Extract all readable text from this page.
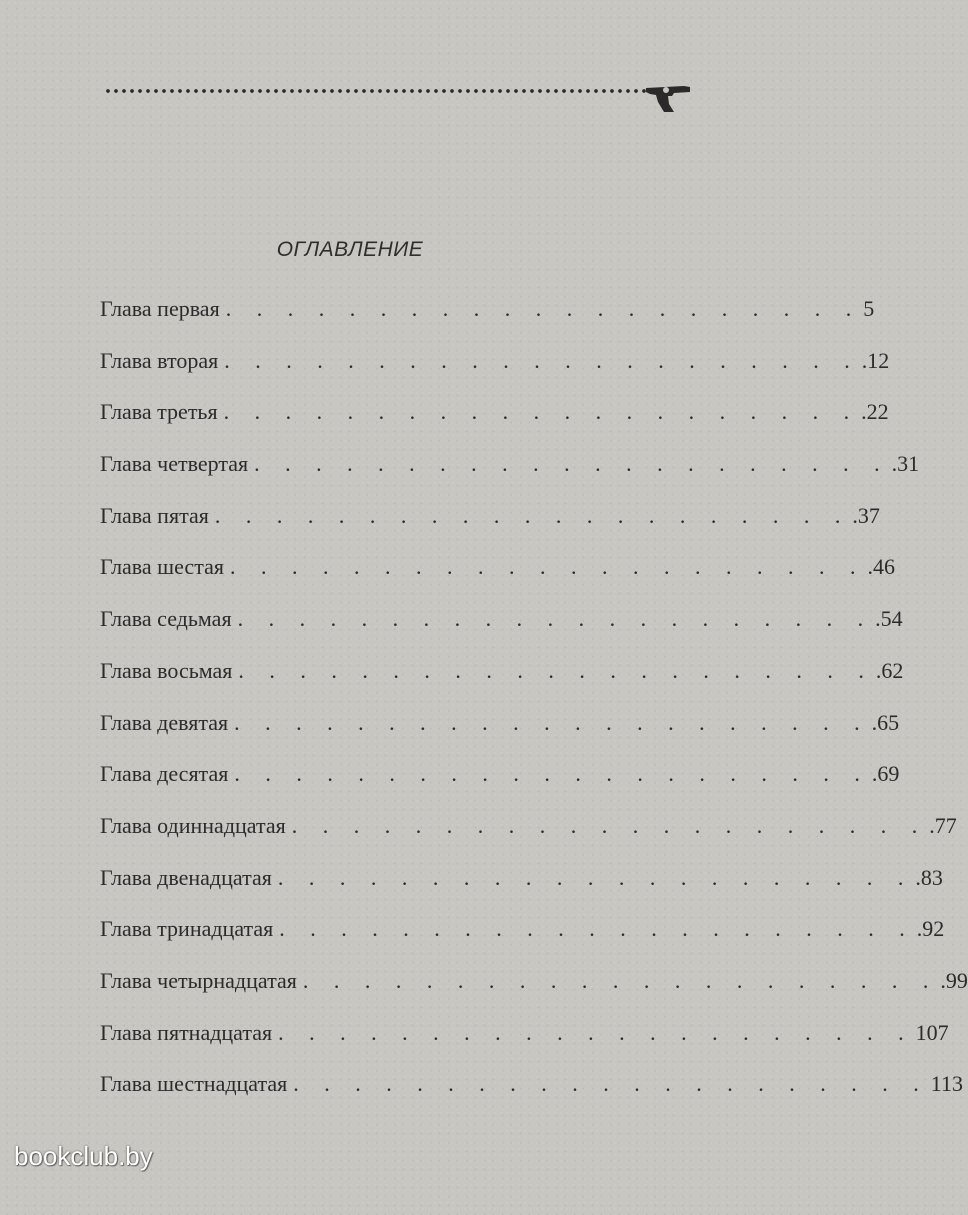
ОГЛАВЛЕНИЕ
Глава первая . . . . . . . . . . . . . . . . . . . . . 5
Глава вторая . . . . . . . . . . . . . . . . . . . . . .12
Глава третья . . . . . . . . . . . . . . . . . . . . . .22
Глава четвертая . . . . . . . . . . . . . . . . . . . . . .31
Глава пятая . . . . . . . . . . . . . . . . . . . . . .37
Глава шестая . . . . . . . . . . . . . . . . . . . . . .46
Глава седьмая . . . . . . . . . . . . . . . . . . . . . .54
Глава восьмая . . . . . . . . . . . . . . . . . . . . . .62
Глава девятая . . . . . . . . . . . . . . . . . . . . . .65
Глава десятая . . . . . . . . . . . . . . . . . . . . . .69
Глава одиннадцатая . . . . . . . . . . . . . . . . . . . . . .77
Глава двенадцатая . . . . . . . . . . . . . . . . . . . . . .83
Глава тринадцатая . . . . . . . . . . . . . . . . . . . . . .92
Глава четырнадцатая . . . . . . . . . . . . . . . . . . . . . .99
Глава пятнадцатая . . . . . . . . . . . . . . . . . . . . . 107
Глава шестнадцатая . . . . . . . . . . . . . . . . . . . . . 113
bookclub.by
